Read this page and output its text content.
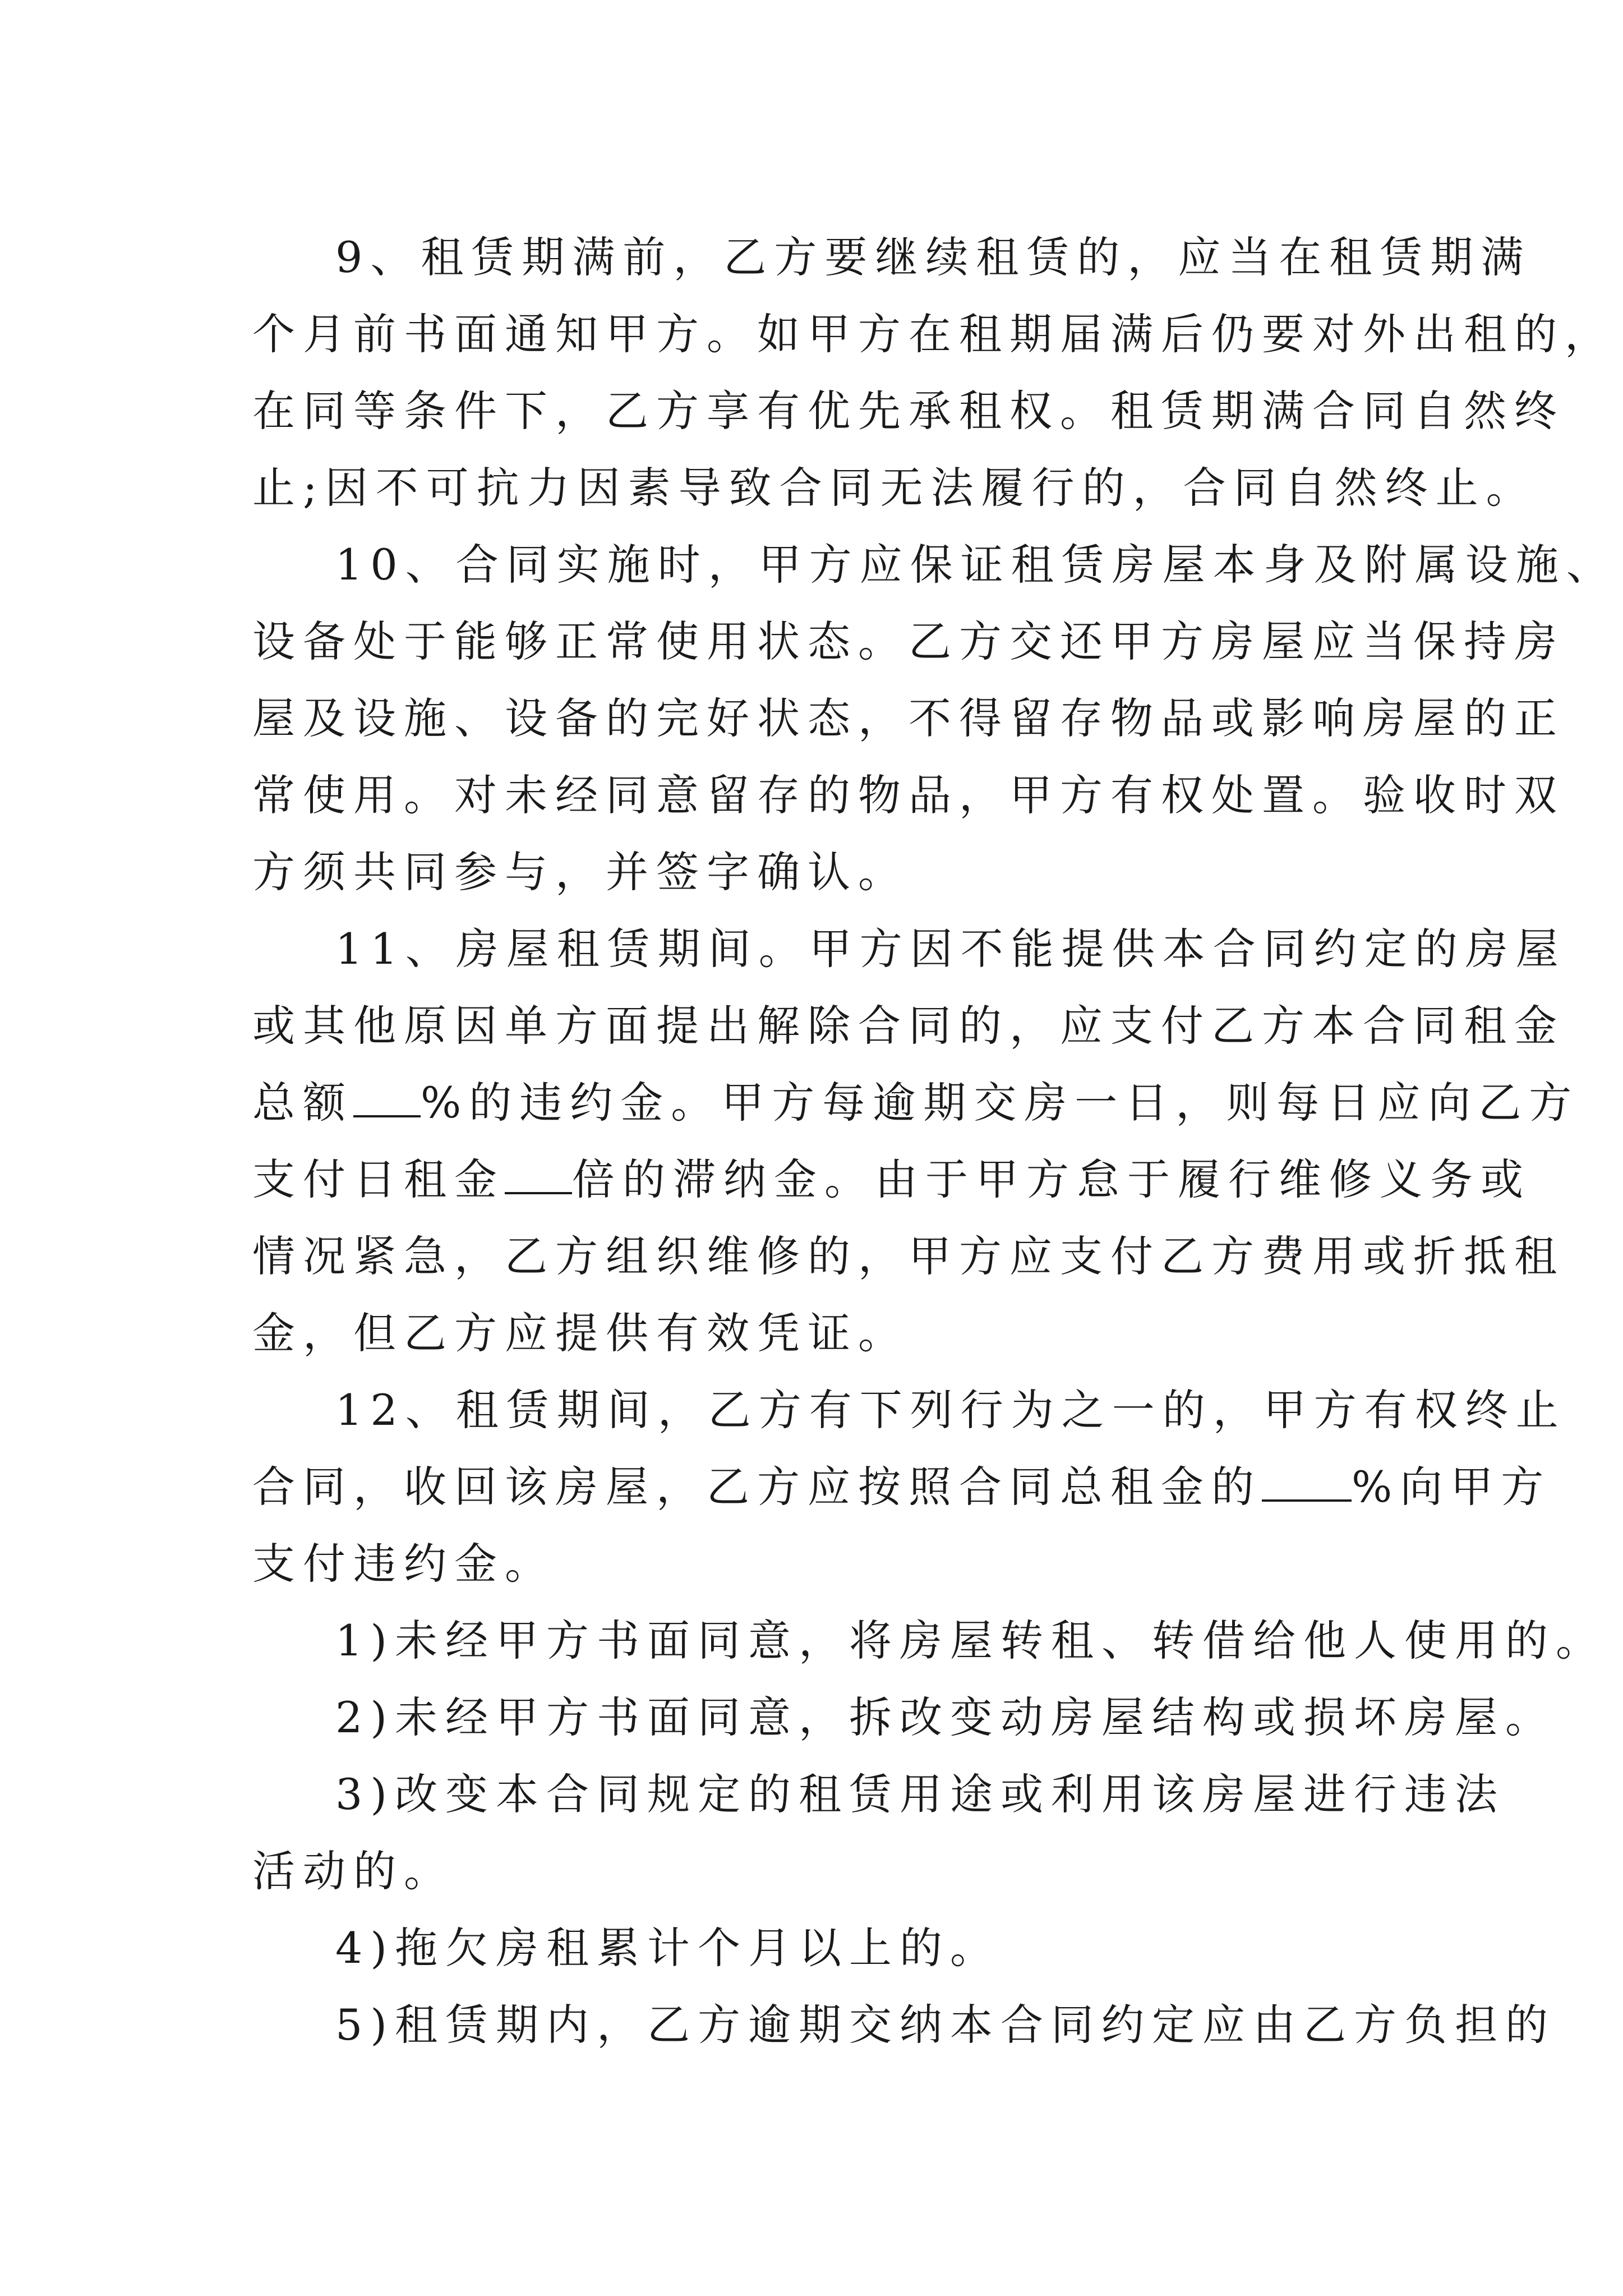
9、租赁期满前，乙方要继续租赁的，应当在租赁期满
个月前书面通知甲方。如甲方在租期届满后仍要对外出租的，
在同等条件下，乙方享有优先承租权。租赁期满合同自然终
止;因不可抗力因素导致合同无法履行的，合同自然终止。
10、合同实施时，甲方应保证租赁房屋本身及附属设施、
设备处于能够正常使用状态。乙方交还甲方房屋应当保持房
屋及设施、设备的完好状态，不得留存物品或影响房屋的正
常使用。对未经同意留存的物品，甲方有权处置。验收时双
方须共同参与，并签字确认。
11、房屋租赁期间。甲方因不能提供本合同约定的房屋
或其他原因单方面提出解除合同的，应支付乙方本合同租金
总额 %的违约金。甲方每逾期交房一日，则每日应向乙方
支付日租金 倍的滞纳金。由于甲方怠于履行维修义务或
情况紧急，乙方组织维修的，甲方应支付乙方费用或折抵租
金，但乙方应提供有效凭证。
12、租赁期间，乙方有下列行为之一的，甲方有权终止
合同，收回该房屋，乙方应按照合同总租金的 %向甲方
支付违约金。
1)未经甲方书面同意，将房屋转租、转借给他人使用的。
2)未经甲方书面同意，拆改变动房屋结构或损坏房屋。
3)改变本合同规定的租赁用途或利用该房屋进行违法
活动的。
4)拖欠房租累计个月以上的。
5)租赁期内，乙方逾期交纳本合同约定应由乙方负担的
